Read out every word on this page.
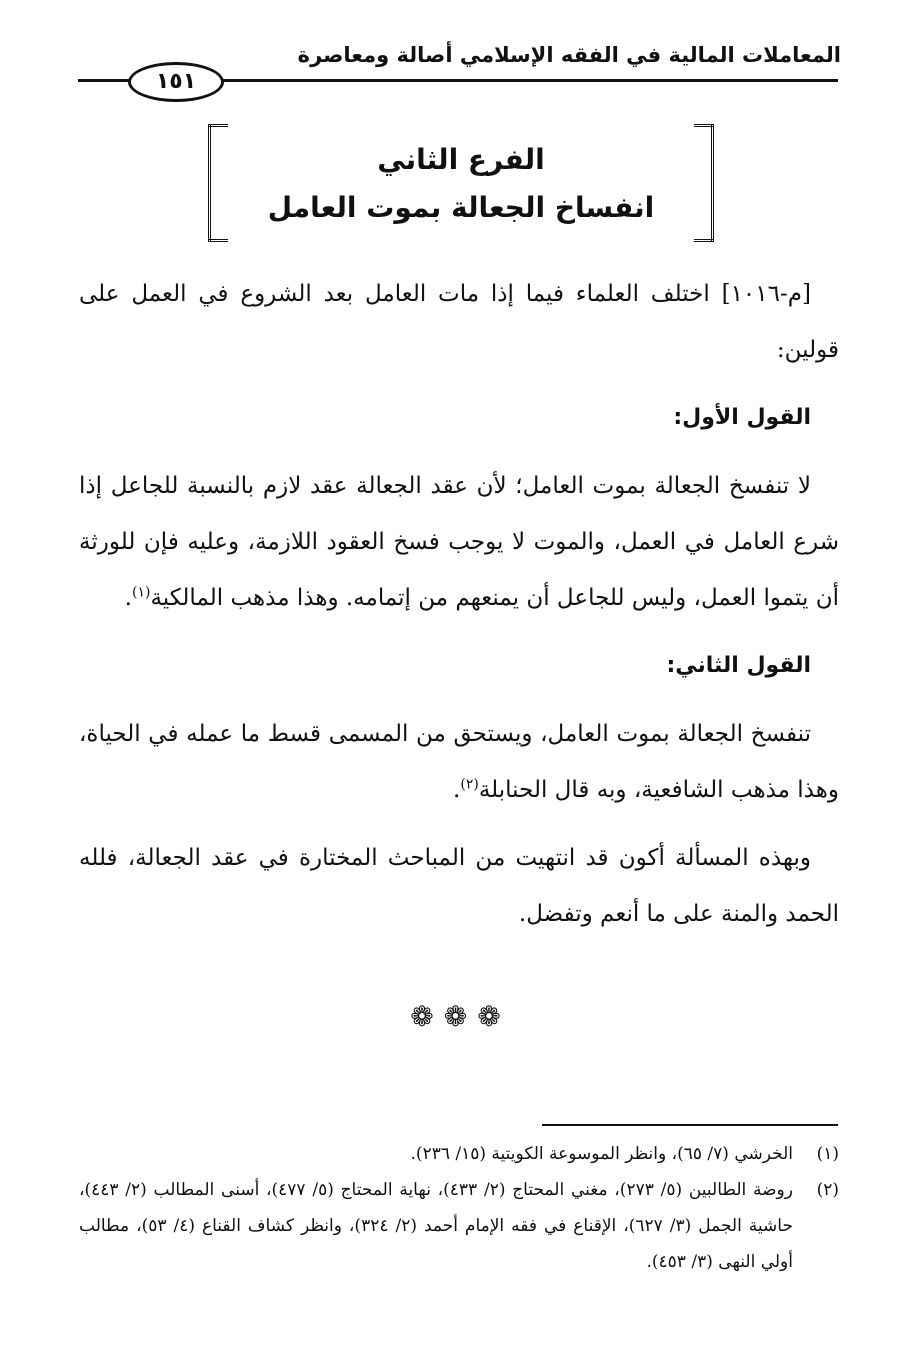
المعاملات المالية في الفقه الإسلامي أصالة ومعاصرة
١٥١
الفرع الثاني
انفساخ الجعالة بموت العامل

[م-١٠١٦] اختلف العلماء فيما إذا مات العامل بعد الشروع في العمل على قولين:

القول الأول:

لا تنفسخ الجعالة بموت العامل؛ لأن عقد الجعالة عقد لازم بالنسبة للجاعل إذا شرع العامل في العمل، والموت لا يوجب فسخ العقود اللازمة، وعليه فإن للورثة أن يتموا العمل، وليس للجاعل أن يمنعهم من إتمامه. وهذا مذهب المالكية$^{(١)}$.

القول الثاني:

تنفسخ الجعالة بموت العامل، ويستحق من المسمى قسط ما عمله في الحياة، وهذا مذهب الشافعية، وبه قال الحنابلة$^{(٢)}$.

وبهذه المسألة أكون قد انتهيت من المباحث المختارة في عقد الجعالة، فلله الحمد والمنة على ما أنعم وتفضل.

❁❁❁

(١)
الخرشي (٧/ ٦٥)، وانظر الموسوعة الكويتية (١٥/ ٢٣٦).

(٢)
روضة الطالبين (٥/ ٢٧٣)، مغني المحتاج (٢/ ٤٣٣)، نهاية المحتاج (٥/ ٤٧٧)، أسنى المطالب (٢/ ٤٤٣)، حاشية الجمل (٣/ ٦٢٧)، الإقناع في فقه الإمام أحمد (٢/ ٣٢٤)، وانظر كشاف القناع (٤/ ٥٣)، مطالب أولي النهى (٣/ ٤٥٣).
